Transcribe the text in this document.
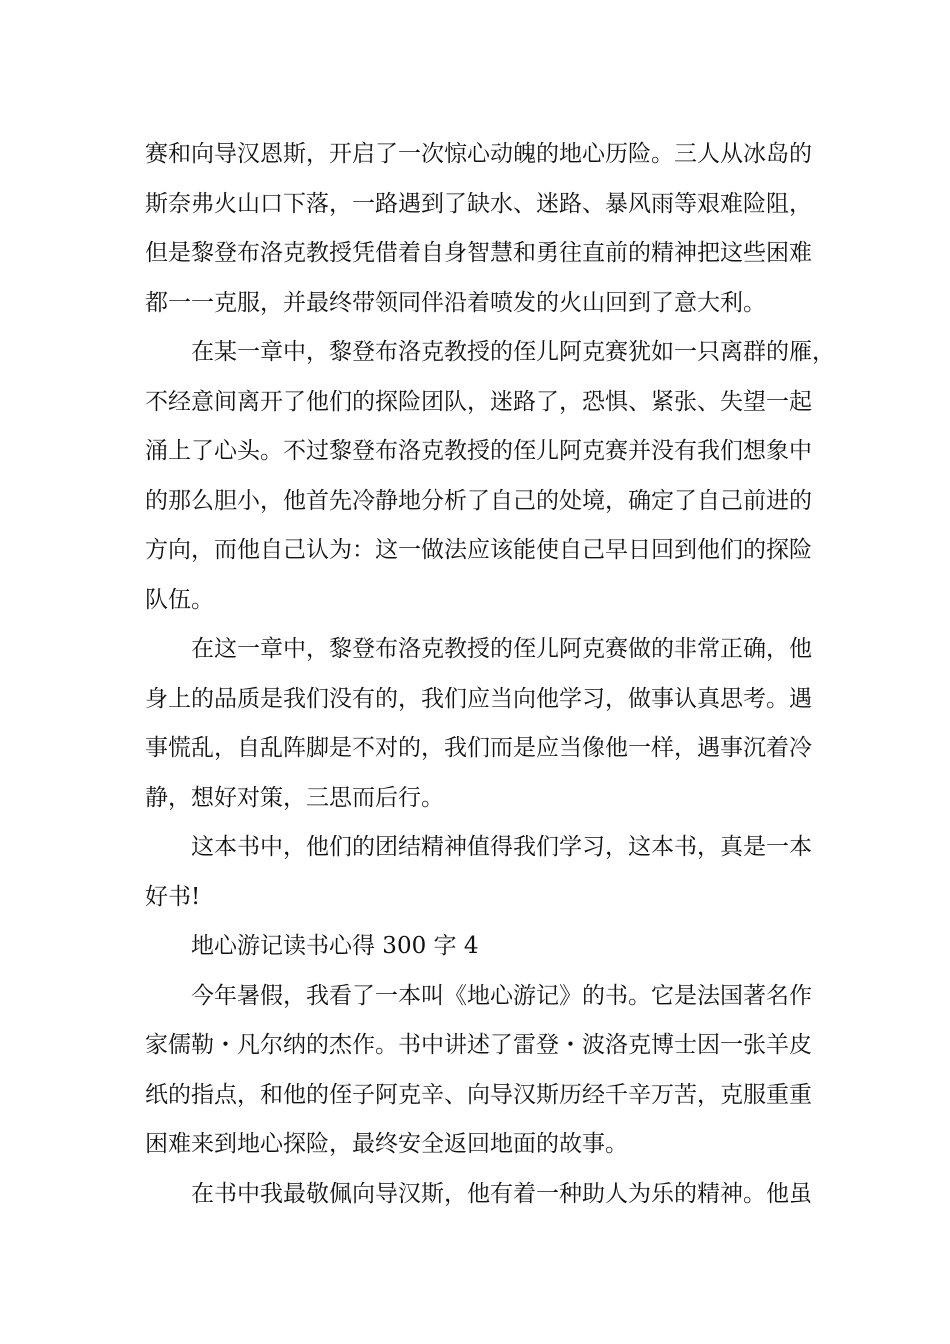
赛和向导汉恩斯，开启了一次惊心动魄的地心历险。三人从冰岛的
斯奈弗火山口下落，一路遇到了缺水、迷路、暴风雨等艰难险阻，
但是黎登布洛克教授凭借着自身智慧和勇往直前的精神把这些困难
都一一克服，并最终带领同伴沿着喷发的火山回到了意大利。
在某一章中，黎登布洛克教授的侄儿阿克赛犹如一只离群的雁，
不经意间离开了他们的探险团队，迷路了，恐惧、紧张、失望一起
涌上了心头。不过黎登布洛克教授的侄儿阿克赛并没有我们想象中
的那么胆小，他首先冷静地分析了自己的处境，确定了自己前进的
方向，而他自己认为：这一做法应该能使自己早日回到他们的探险
队伍。
在这一章中，黎登布洛克教授的侄儿阿克赛做的非常正确，他
身上的品质是我们没有的，我们应当向他学习，做事认真思考。遇
事慌乱，自乱阵脚是不对的，我们而是应当像他一样，遇事沉着冷
静，想好对策，三思而后行。
这本书中，他们的团结精神值得我们学习，这本书，真是一本
好书!
地心游记读书心得 300 字 4
今年暑假，我看了一本叫《地心游记》的书。它是法国著名作
家儒勒・凡尔纳的杰作。书中讲述了雷登・波洛克博士因一张羊皮
纸的指点，和他的侄子阿克辛、向导汉斯历经千辛万苦，克服重重
困难来到地心探险，最终安全返回地面的故事。
在书中我最敬佩向导汉斯，他有着一种助人为乐的精神。他虽
